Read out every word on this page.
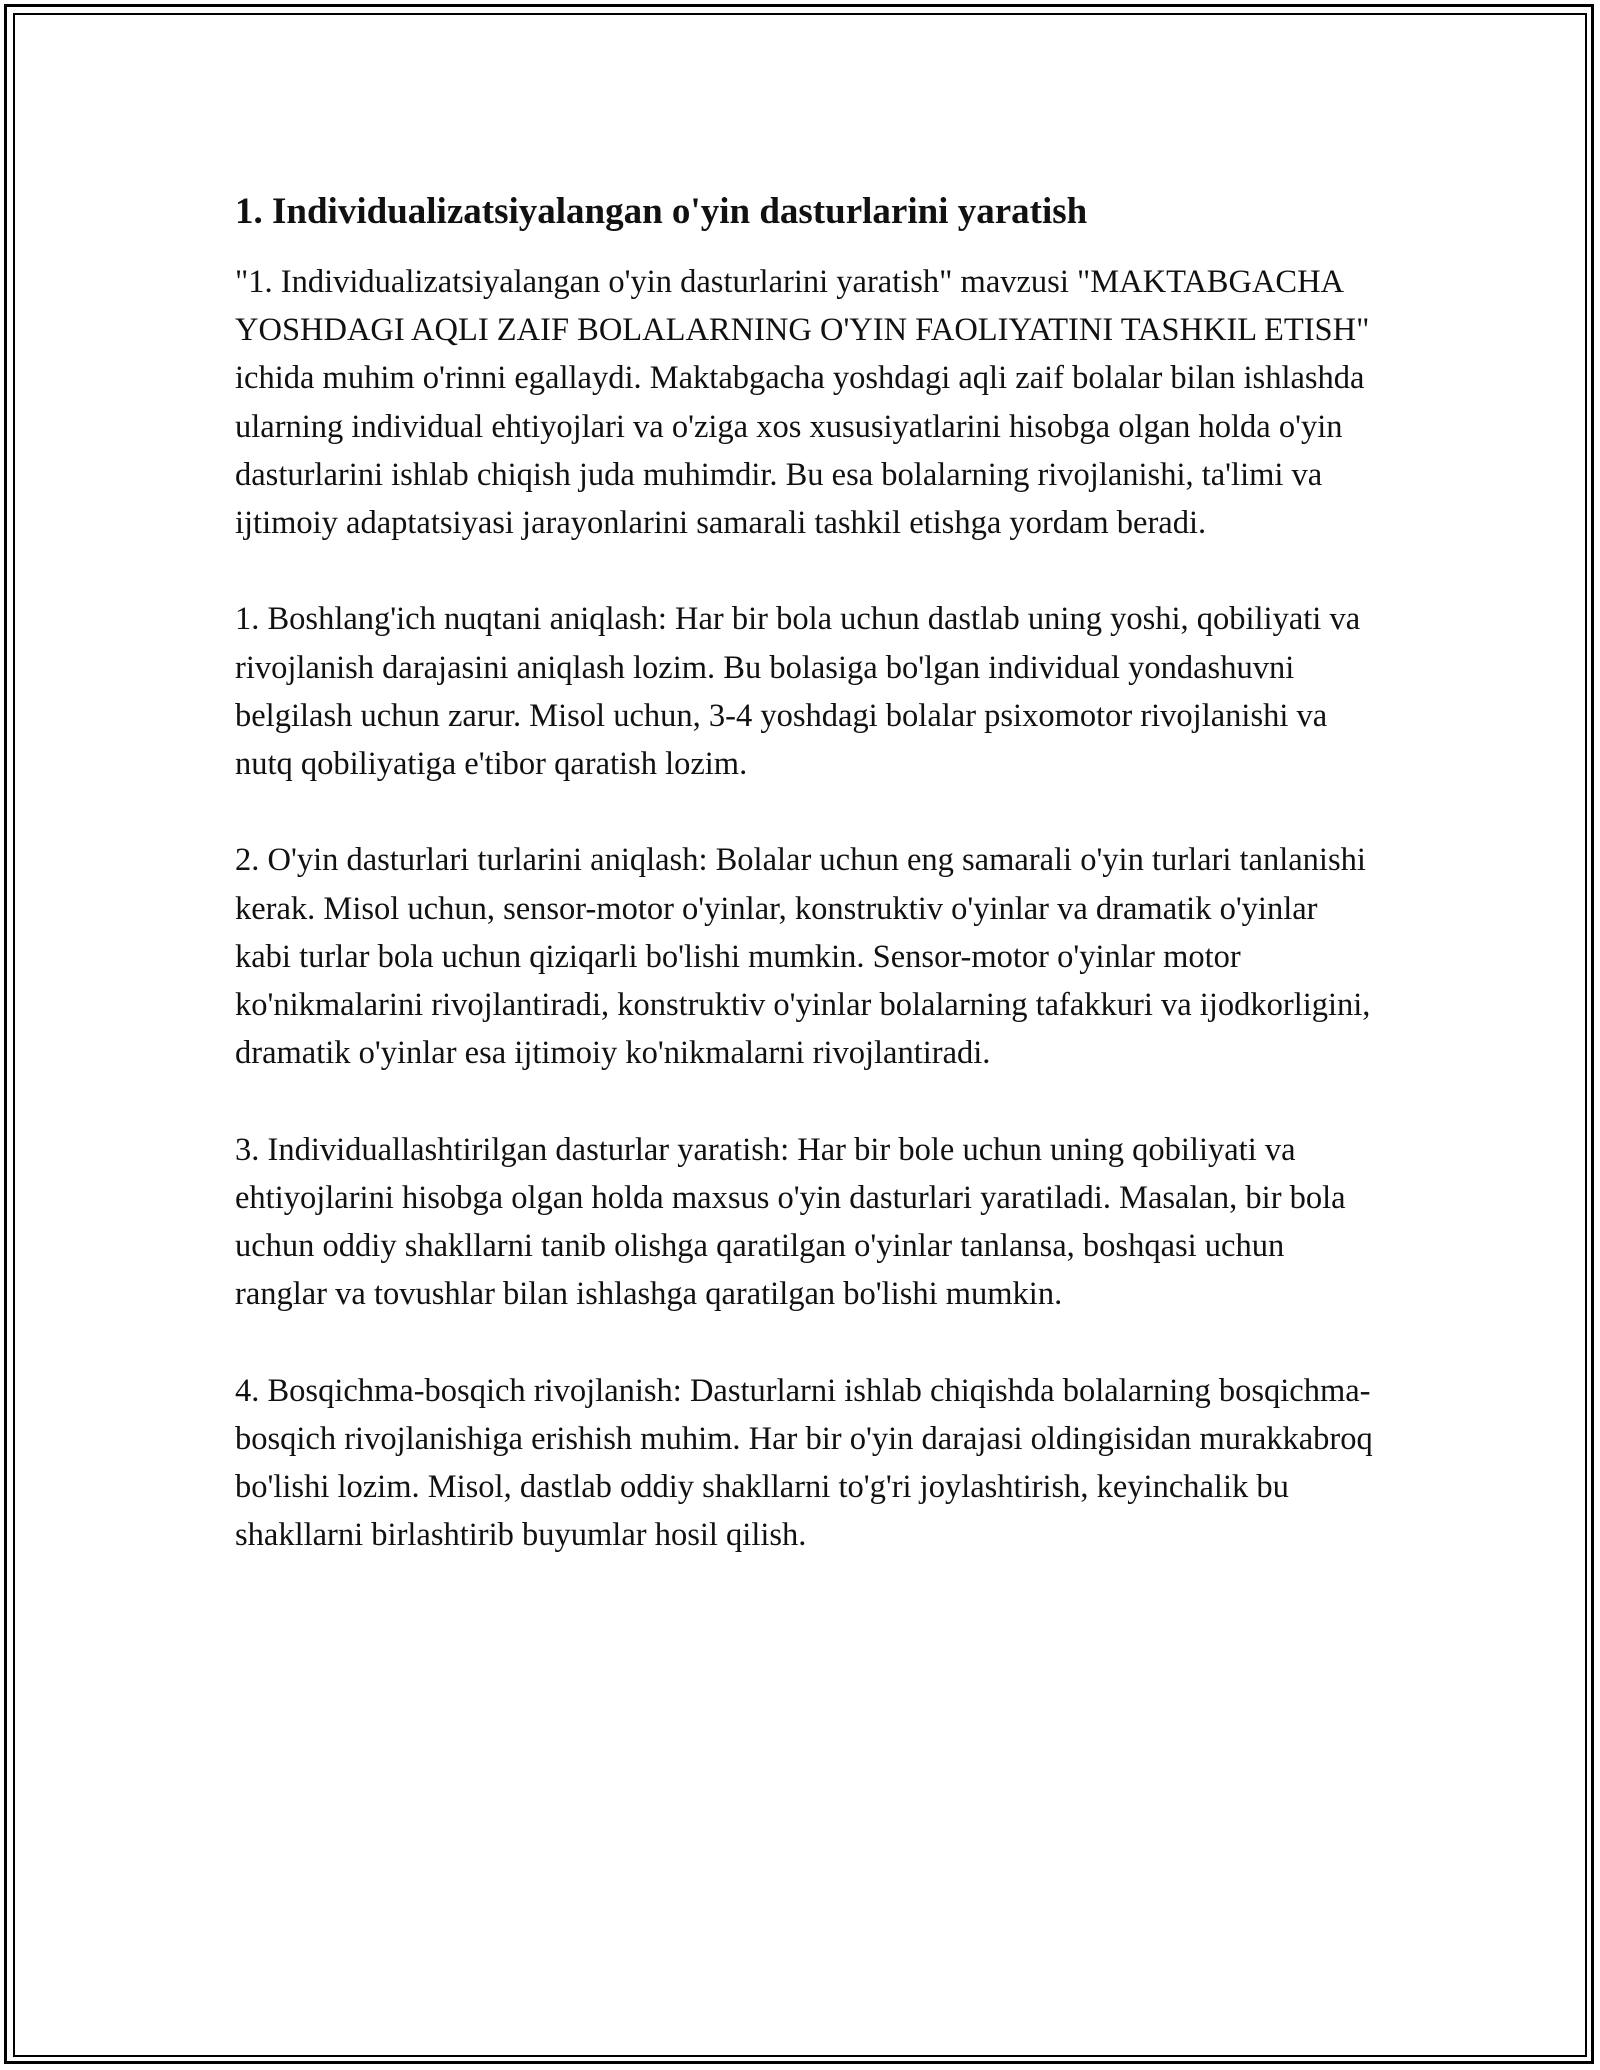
1. Individualizatsiyalangan o'yin dasturlarini yaratish

"1. Individualizatsiyalangan o'yin dasturlarini yaratish" mavzusi "MAKTABGACHA YOSHDAGI AQLI ZAIF BOLALARNING O'YIN FAOLIYATINI TASHKIL ETISH" ichida muhim o'rinni egallaydi. Maktabgacha yoshdagi aqli zaif bolalar bilan ishlashda ularning individual ehtiyojlari va o'ziga xos xususiyatlarini hisobga olgan holda o'yin dasturlarini ishlab chiqish juda muhimdir. Bu esa bolalarning rivojlanishi, ta'limi va ijtimoiy adaptatsiyasi jarayonlarini samarali tashkil etishga yordam beradi.

1. Boshlang'ich nuqtani aniqlash: Har bir bola uchun dastlab uning yoshi, qobiliyati va rivojlanish darajasini aniqlash lozim. Bu bolasiga bo'lgan individual yondashuvni belgilash uchun zarur. Misol uchun, 3-4 yoshdagi bolalar psixomotor rivojlanishi va nutq qobiliyatiga e'tibor qaratish lozim.

2. O'yin dasturlari turlarini aniqlash: Bolalar uchun eng samarali o'yin turlari tanlanishi kerak. Misol uchun, sensor-motor o'yinlar, konstruktiv o'yinlar va dramatik o'yinlar kabi turlar bola uchun qiziqarli bo'lishi mumkin. Sensor-motor o'yinlar motor ko'nikmalarini rivojlantiradi, konstruktiv o'yinlar bolalarning tafakkuri va ijodkorligini, dramatik o'yinlar esa ijtimoiy ko'nikmalarni rivojlantiradi.

3. Individuallashtirilgan dasturlar yaratish: Har bir bole uchun uning qobiliyati va ehtiyojlarini hisobga olgan holda maxsus o'yin dasturlari yaratiladi. Masalan, bir bola uchun oddiy shakllarni tanib olishga qaratilgan o'yinlar tanlansa, boshqasi uchun ranglar va tovushlar bilan ishlashga qaratilgan bo'lishi mumkin.

4. Bosqichma-bosqich rivojlanish: Dasturlarni ishlab chiqishda bolalarning bosqichma-bosqich rivojlanishiga erishish muhim. Har bir o'yin darajasi oldingisidan murakkabroq bo'lishi lozim. Misol, dastlab oddiy shakllarni to'g'ri joylashtirish, keyinchalik bu shakllarni birlashtirib buyumlar hosil qilish.
